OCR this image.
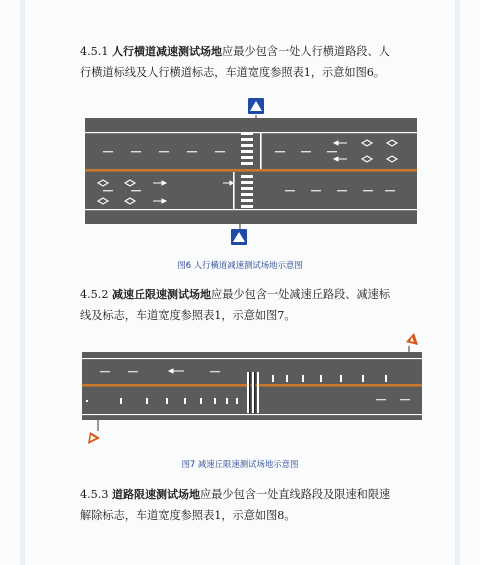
4.5.1 人行横道减速测试场地应最少包含一处人行横道路段、人
行横道标线及人行横道标志，车道宽度参照表1，示意如图6。

图6 人行横道减速测试场地示意图

4.5.2 减速丘限速测试场地应最少包含一处减速丘路段、减速标
线及标志，车道宽度参照表1，示意如图7。

图7 减速丘限速测试场地示意图

4.5.3 道路限速测试场地应最少包含一处直线路段及限速和限速
解除标志，车道宽度参照表1，示意如图8。
